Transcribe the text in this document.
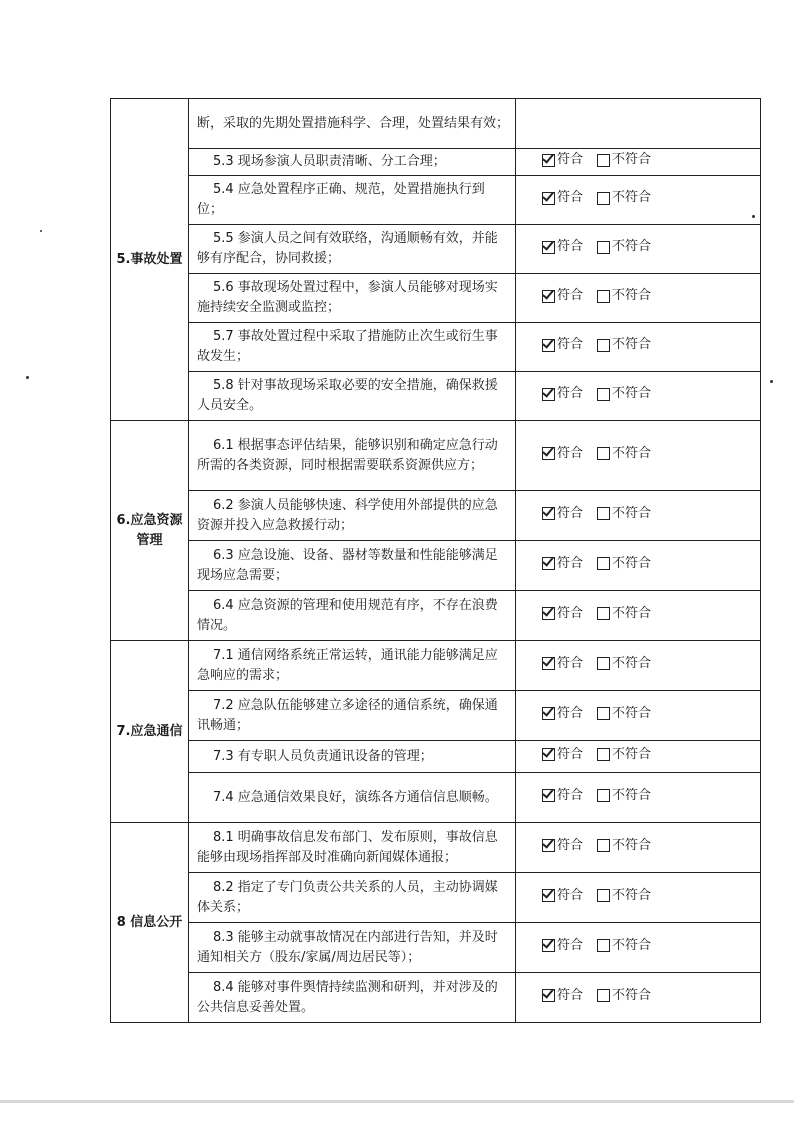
5.事故处置	断，采取的先期处置措施科学、合理，处置结果有效；	
	5.3 现场参演人员职责清晰、分工合理；	符合 不符合

	5.4 应急处置程序正确、规范，处置措施执行到位；	符合 不符合

	5.5 参演人员之间有效联络，沟通顺畅有效，并能够有序配合，协同救援；	符合 不符合

	5.6 事故现场处置过程中，参演人员能够对现场实施持续安全监测或监控；	符合 不符合

	5.7 事故处置过程中采取了措施防止次生或衍生事故发生；	符合 不符合

	5.8 针对事故现场采取必要的安全措施，确保救援人员安全。	符合 不符合

6.应急资源管理	6.1 根据事态评估结果，能够识别和确定应急行动所需的各类资源，同时根据需要联系资源供应方；	符合 不符合

	6.2 参演人员能够快速、科学使用外部提供的应急资源并投入应急救援行动；	符合 不符合

	6.3 应急设施、设备、器材等数量和性能能够满足现场应急需要；	符合 不符合

	6.4 应急资源的管理和使用规范有序，不存在浪费情况。	符合 不符合

7.应急通信	7.1 通信网络系统正常运转，通讯能力能够满足应急响应的需求；	符合 不符合

	7.2 应急队伍能够建立多途径的通信系统，确保通讯畅通；	符合 不符合

	7.3 有专职人员负责通讯设备的管理；	符合 不符合

	7.4 应急通信效果良好，演练各方通信信息顺畅。	符合 不符合

8 信息公开	8.1 明确事故信息发布部门、发布原则，事故信息能够由现场指挥部及时准确向新闻媒体通报；	符合 不符合

	8.2 指定了专门负责公共关系的人员，主动协调媒体关系；	符合 不符合

	8.3 能够主动就事故情况在内部进行告知，并及时通知相关方（股东/家属/周边居民等）；	符合 不符合

	8.4 能够对事件舆情持续监测和研判，并对涉及的公共信息妥善处置。	符合 不符合
